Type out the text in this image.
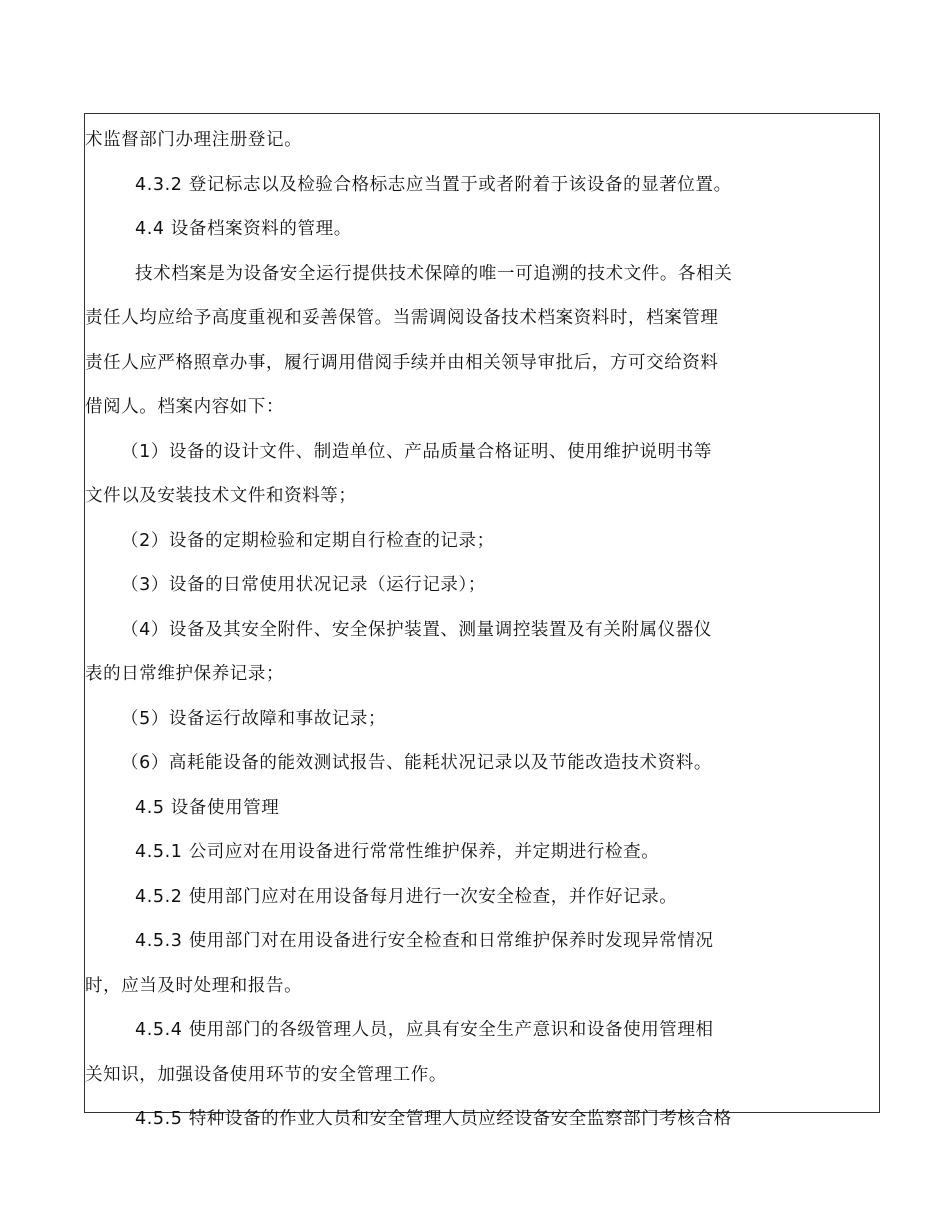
术监督部门办理注册登记。
4.3.2 登记标志以及检验合格标志应当置于或者附着于该设备的显著位置。
4.4 设备档案资料的管理。
技术档案是为设备安全运行提供技术保障的唯一可追溯的技术文件。各相关
责任人均应给予高度重视和妥善保管。当需调阅设备技术档案资料时，档案管理
责任人应严格照章办事，履行调用借阅手续并由相关领导审批后，方可交给资料
借阅人。档案内容如下：
（1）设备的设计文件、制造单位、产品质量合格证明、使用维护说明书等
文件以及安装技术文件和资料等；
（2）设备的定期检验和定期自行检查的记录；
（3）设备的日常使用状况记录（运行记录）；
（4）设备及其安全附件、安全保护装置、测量调控装置及有关附属仪器仪
表的日常维护保养记录；
（5）设备运行故障和事故记录；
（6）高耗能设备的能效测试报告、能耗状况记录以及节能改造技术资料。
4.5 设备使用管理
4.5.1 公司应对在用设备进行常常性维护保养，并定期进行检查。
4.5.2 使用部门应对在用设备每月进行一次安全检查，并作好记录。
4.5.3 使用部门对在用设备进行安全检查和日常维护保养时发现异常情况
时，应当及时处理和报告。
4.5.4 使用部门的各级管理人员，应具有安全生产意识和设备使用管理相
关知识，加强设备使用环节的安全管理工作。
4.5.5 特种设备的作业人员和安全管理人员应经设备安全监察部门考核合格
